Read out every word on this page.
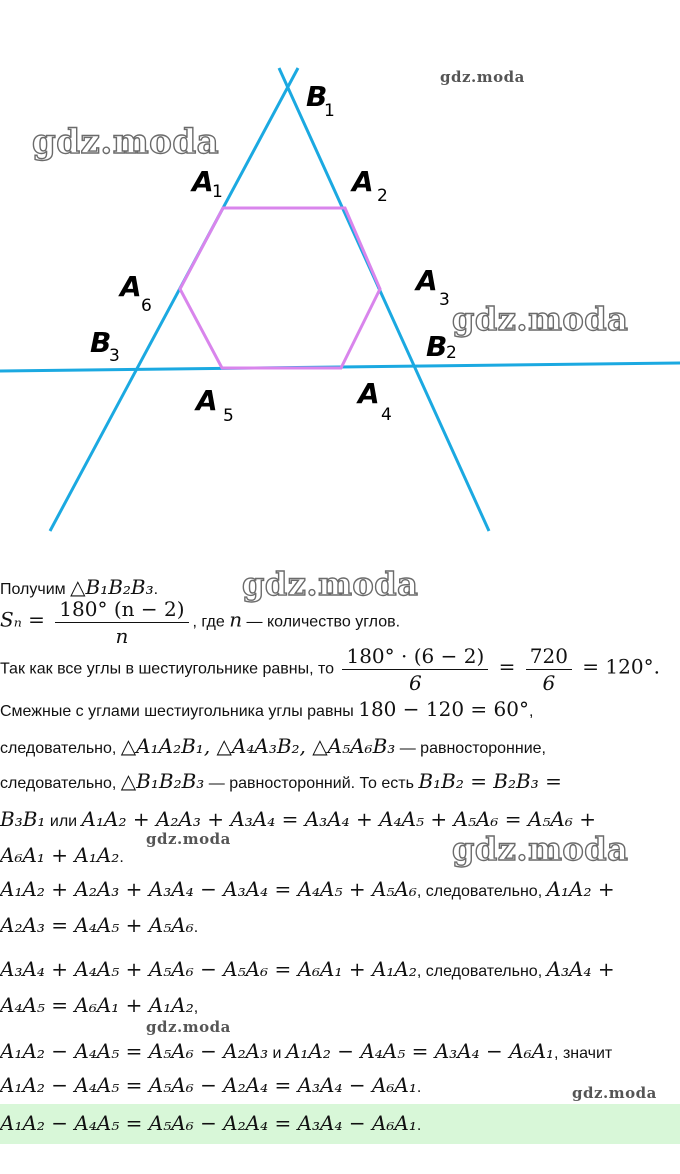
B
1
A
1	A 2
A
6
A
3
B
3	B
2
A 5
A
4
gdz.moda
gdz.moda
gdz.moda
gdz.moda
gdz.moda	gdz.moda
gdz.moda
gdz.moda
Получим △B₁B₂B₃.
$S_n = \frac{180^\circ (n - 2)}{n}$ , где n — количество углов.
Так как все углы в шестиугольнике равны, то $\frac{180^\circ \cdot (6 - 2)}{6} = \frac{720}{6} = 120^\circ$.
Смежные с углами шестиугольника углы равны 180 − 120 = 60°,
следовательно, △A₁A₂B₁, △A₄A₃B₂, △A₅A₆B₃ — равносторонние,
следовательно, △B₁B₂B₃ — равносторонний. То есть B₁B₂ = B₂B₃ =
B₃B₁ или A₁A₂ + A₂A₃ + A₃A₄ = A₃A₄ + A₄A₅ + A₅A₆ = A₅A₆ +
A₆A₁ + A₁A₂.
A₁A₂ + A₂A₃ + A₃A₄ − A₃A₄ = A₄A₅ + A₅A₆, следовательно, A₁A₂ +
A₂A₃ = A₄A₅ + A₅A₆.
A₃A₄ + A₄A₅ + A₅A₆ − A₅A₆ = A₆A₁ + A₁A₂, следовательно, A₃A₄ +
A₄A₅ = A₆A₁ + A₁A₂,
A₁A₂ − A₄A₅ = A₅A₆ − A₂A₃ и A₁A₂ − A₄A₅ = A₃A₄ − A₆A₁, значит
A₁A₂ − A₄A₅ = A₅A₆ − A₂A₄ = A₃A₄ − A₆A₁.
A₁A₂ − A₄A₅ = A₅A₆ − A₂A₄ = A₃A₄ − A₆A₁.
